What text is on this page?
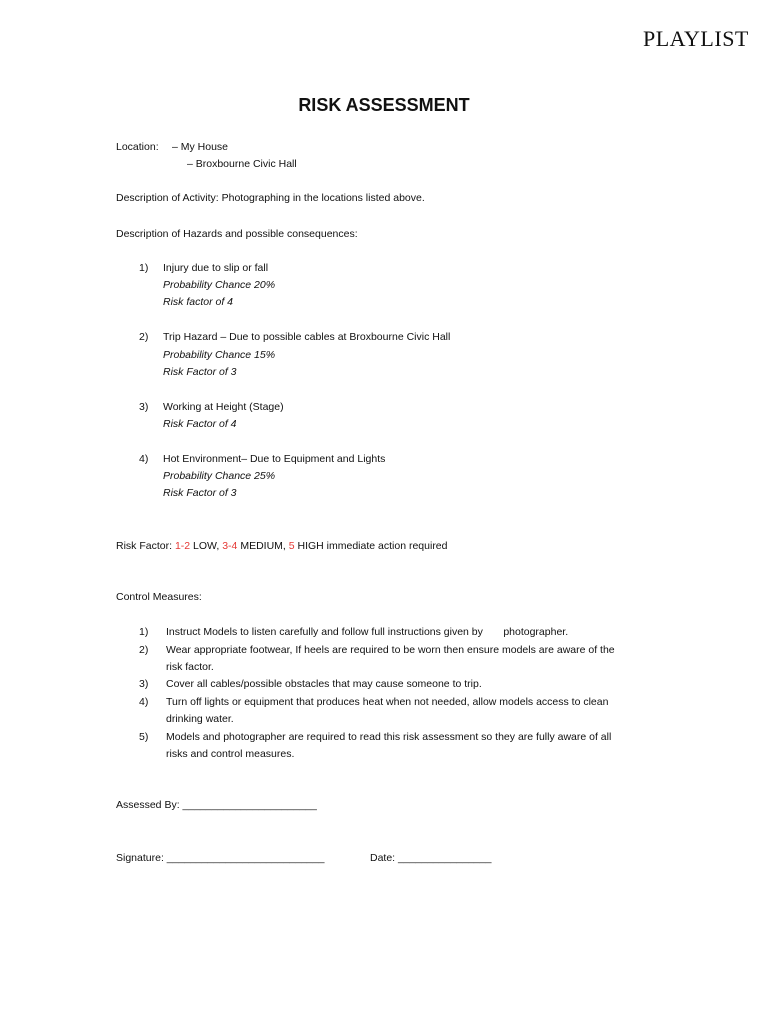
PLAYLIST
RISK ASSESSMENT
Location: – My House
– Broxbourne Civic Hall
Description of Activity: Photographing in the locations listed above.
Description of Hazards and possible consequences:
1) Injury due to slip or fall
Probability Chance 20%
Risk factor of 4
2) Trip Hazard – Due to possible cables at Broxbourne Civic Hall
Probability Chance 15%
Risk Factor of 3
3) Working at Height (Stage)
Risk Factor of 4
4) Hot Environment– Due to Equipment and Lights
Probability Chance 25%
Risk Factor of 3
Risk Factor: 1-2 LOW, 3-4 MEDIUM, 5 HIGH immediate action required
Control Measures:
1) Instruct Models to listen carefully and follow full instructions given by       photographer.
2) Wear appropriate footwear, If heels are required to be worn then ensure models are aware of the
risk factor.
3) Cover all cables/possible obstacles that may cause someone to trip.
4) Turn off lights or equipment that produces heat when not needed, allow models access to clean
drinking water.
5) Models and photographer are required to read this risk assessment so they are fully aware of all
risks and control measures.
Assessed By: _______________________
Signature: ___________________________	Date: ________________
